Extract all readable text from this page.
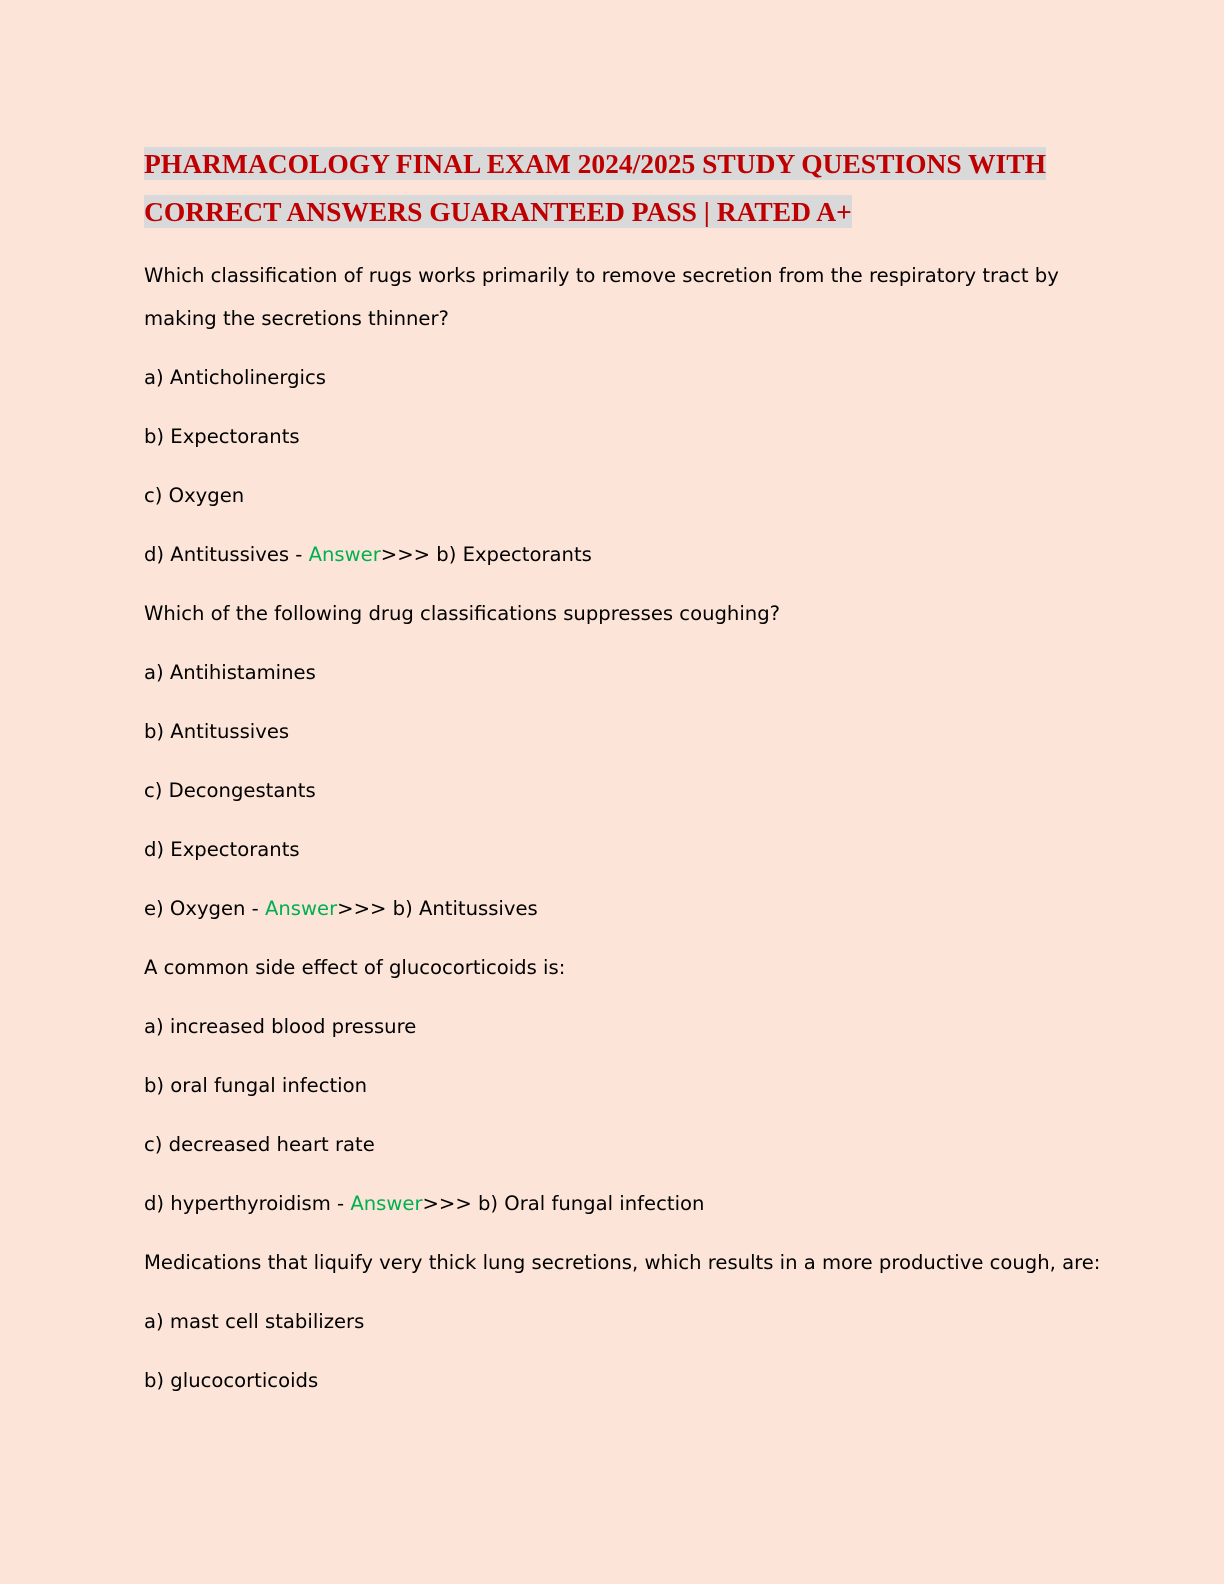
PHARMACOLOGY FINAL EXAM 2024/2025 STUDY QUESTIONS WITH CORRECT ANSWERS GUARANTEED PASS | RATED A+

Which classification of rugs works primarily to remove secretion from the respiratory tract by making the secretions thinner?

a) Anticholinergics

b) Expectorants

c) Oxygen

d) Antitussives - Answer>>> b) Expectorants

Which of the following drug classifications suppresses coughing?

a) Antihistamines

b) Antitussives

c) Decongestants

d) Expectorants

e) Oxygen - Answer>>> b) Antitussives

A common side effect of glucocorticoids is:

a) increased blood pressure

b) oral fungal infection

c) decreased heart rate

d) hyperthyroidism - Answer>>> b) Oral fungal infection

Medications that liquify very thick lung secretions, which results in a more productive cough, are:

a) mast cell stabilizers

b) glucocorticoids
